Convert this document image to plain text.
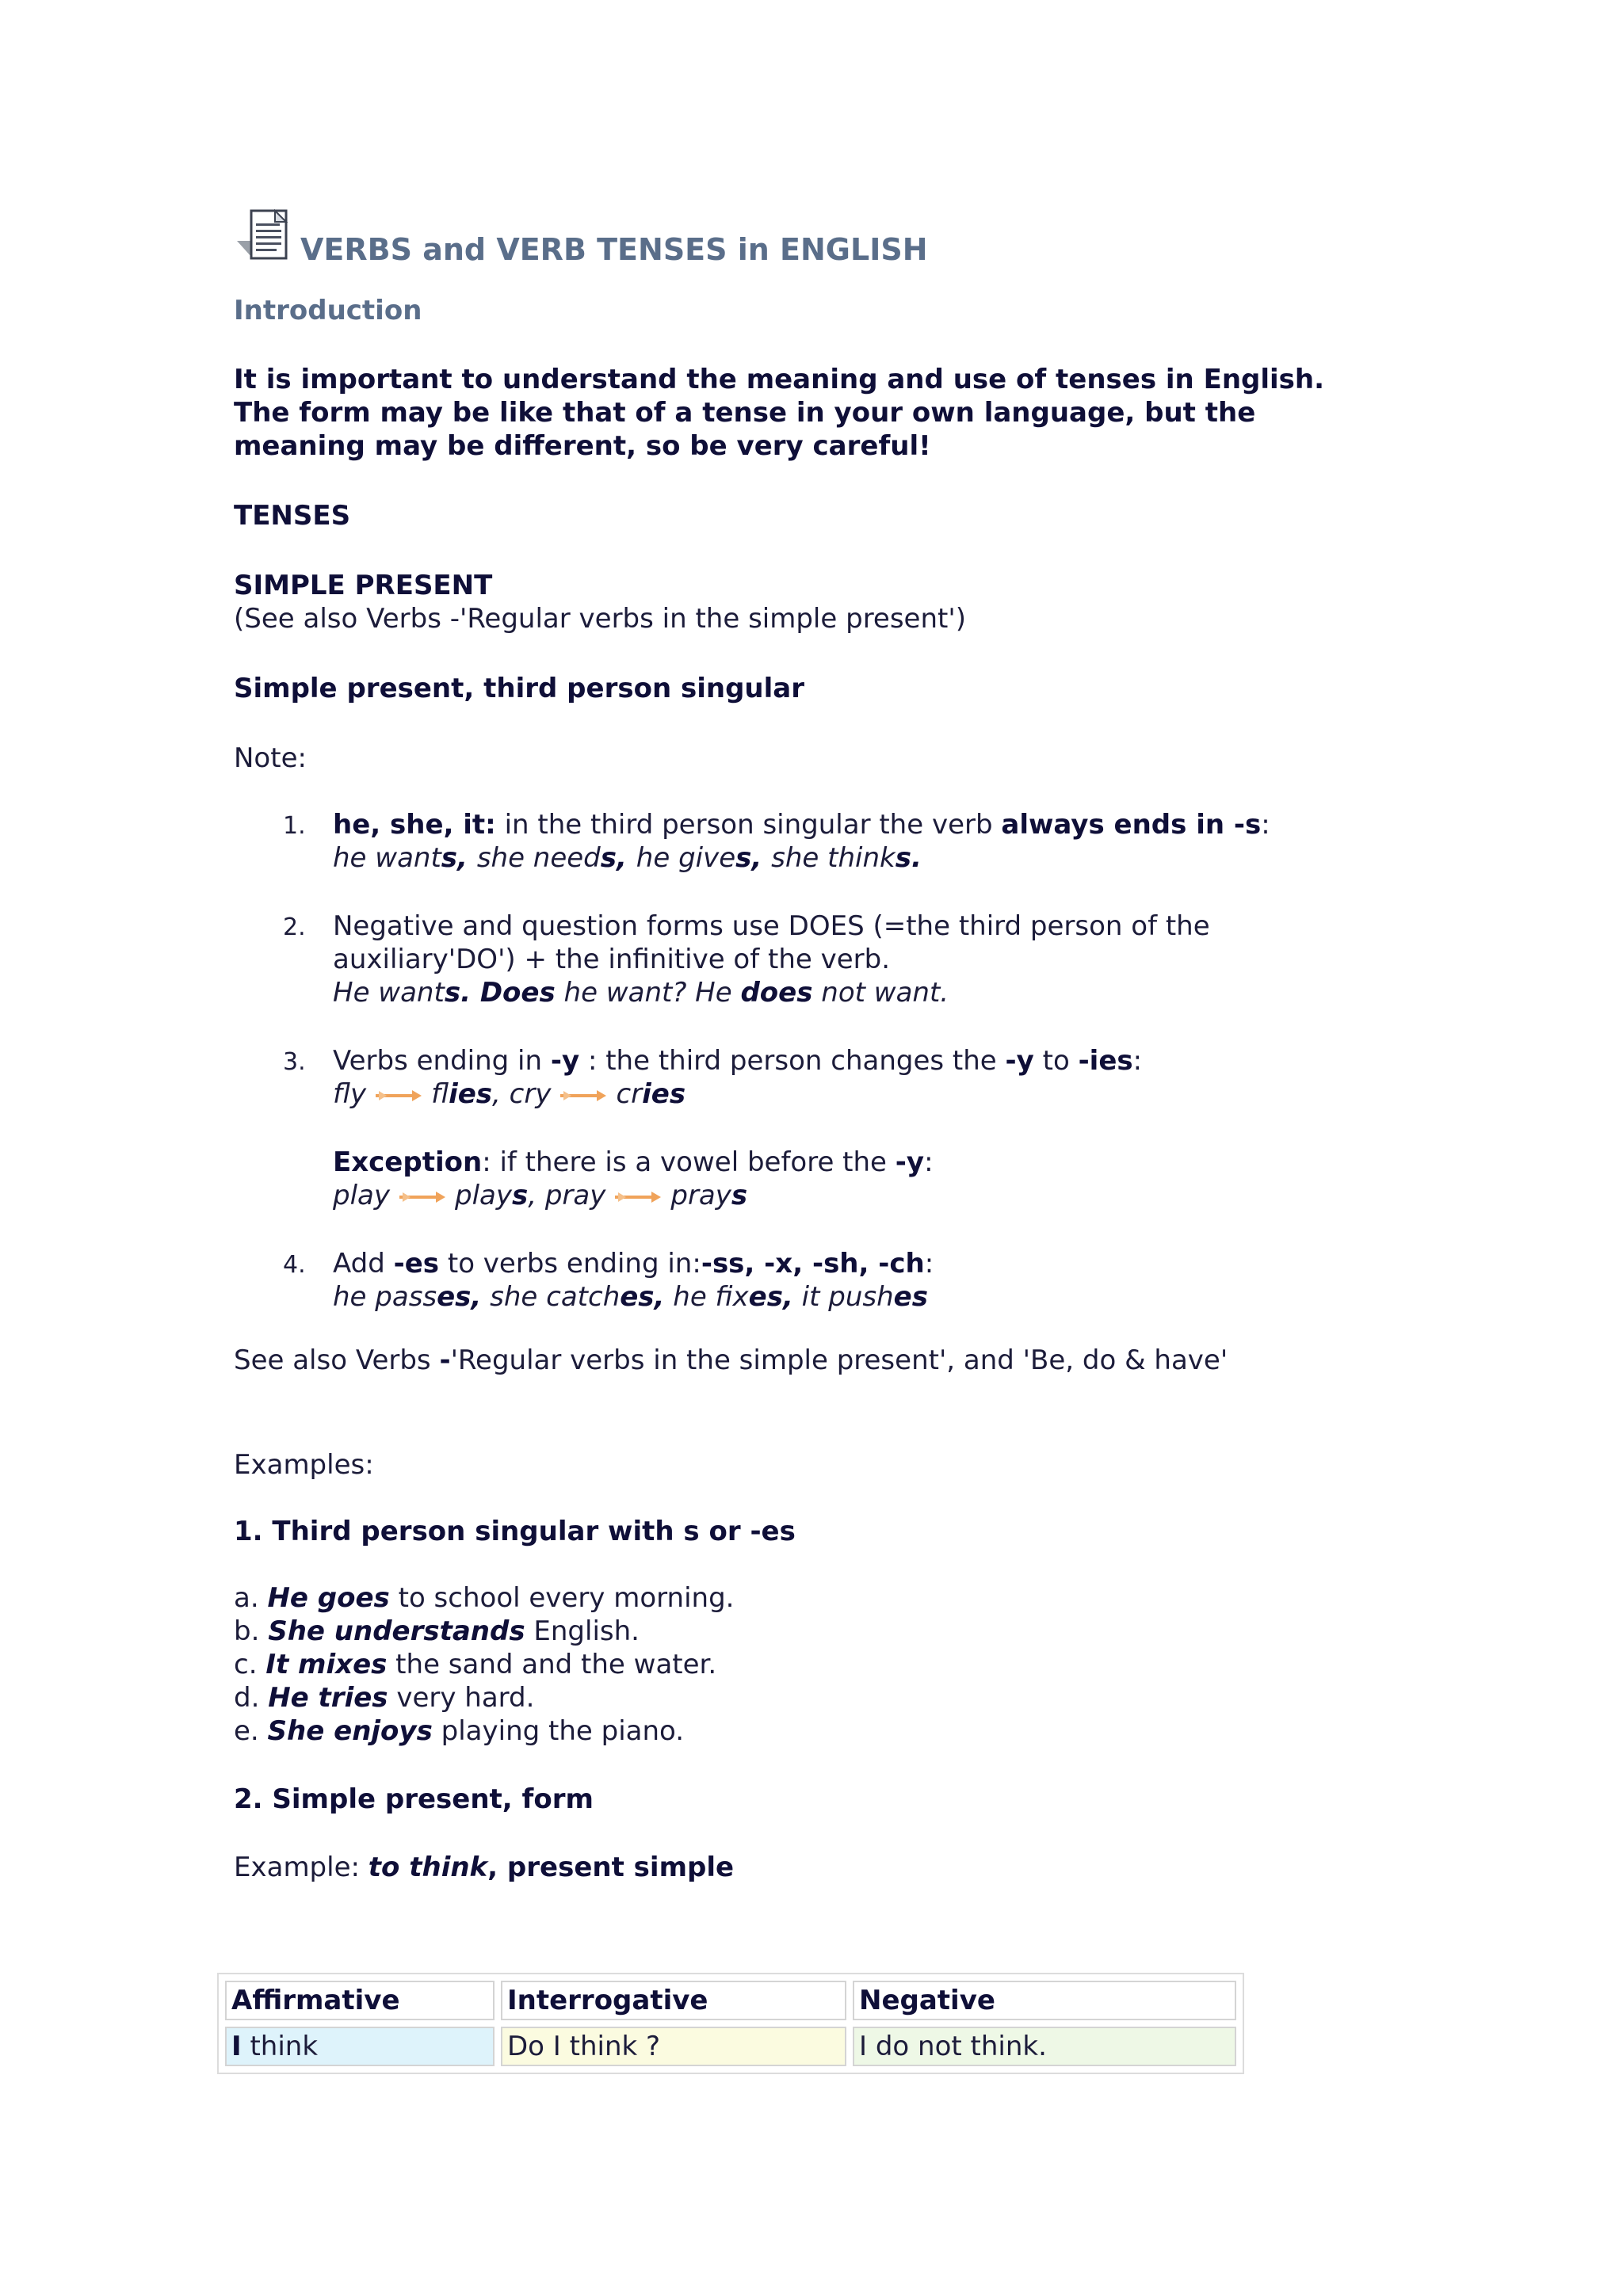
VERBS and VERB TENSES in ENGLISH
Introduction
It is important to understand the meaning and use of tenses in English.
The form may be like that of a tense in your own language, but the
meaning may be different, so be very careful!
TENSES
SIMPLE PRESENT
(See also Verbs -'Regular verbs in the simple present')
Simple present, third person singular
Note:
1. he, she, it: in the third person singular the verb always ends in -s:
he wants, she needs, he gives, she thinks.
2. Negative and question forms use DOES (=the third person of the
auxiliary'DO') + the infinitive of the verb.
He wants. Does he want? He does not want.
3. Verbs ending in -y : the third person changes the -y to -ies:
fly flies, cry cries
Exception: if there is a vowel before the -y:
play plays, pray prays
4. Add -es to verbs ending in:-ss, -x, -sh, -ch:
he passes, she catches, he fixes, it pushes
See also Verbs -'Regular verbs in the simple present', and 'Be, do & have'
Examples:
1. Third person singular with s or -es
a. He goes to school every morning.
b. She understands English.
c. It mixes the sand and the water.
d. He tries very hard.
e. She enjoys playing the piano.
2. Simple present, form
Example: to think, present simple
Affirmative	Interrogative	Negative
I think	Do I think ?	I do not think.
